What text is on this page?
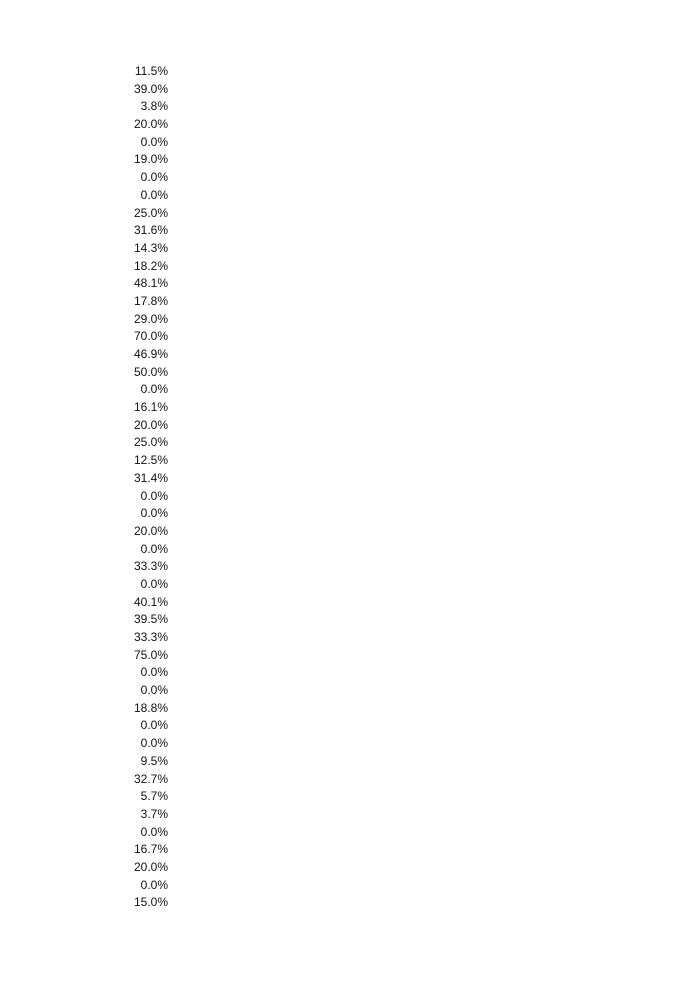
11.5%
39.0%
3.8%
20.0%
0.0%
19.0%
0.0%
0.0%
25.0%
31.6%
14.3%
18.2%
48.1%
17.8%
29.0%
70.0%
46.9%
50.0%
0.0%
16.1%
20.0%
25.0%
12.5%
31.4%
0.0%
0.0%
20.0%
0.0%
33.3%
0.0%
40.1%
39.5%
33.3%
75.0%
0.0%
0.0%
18.8%
0.0%
0.0%
9.5%
32.7%
5.7%
3.7%
0.0%
16.7%
20.0%
0.0%
15.0%
